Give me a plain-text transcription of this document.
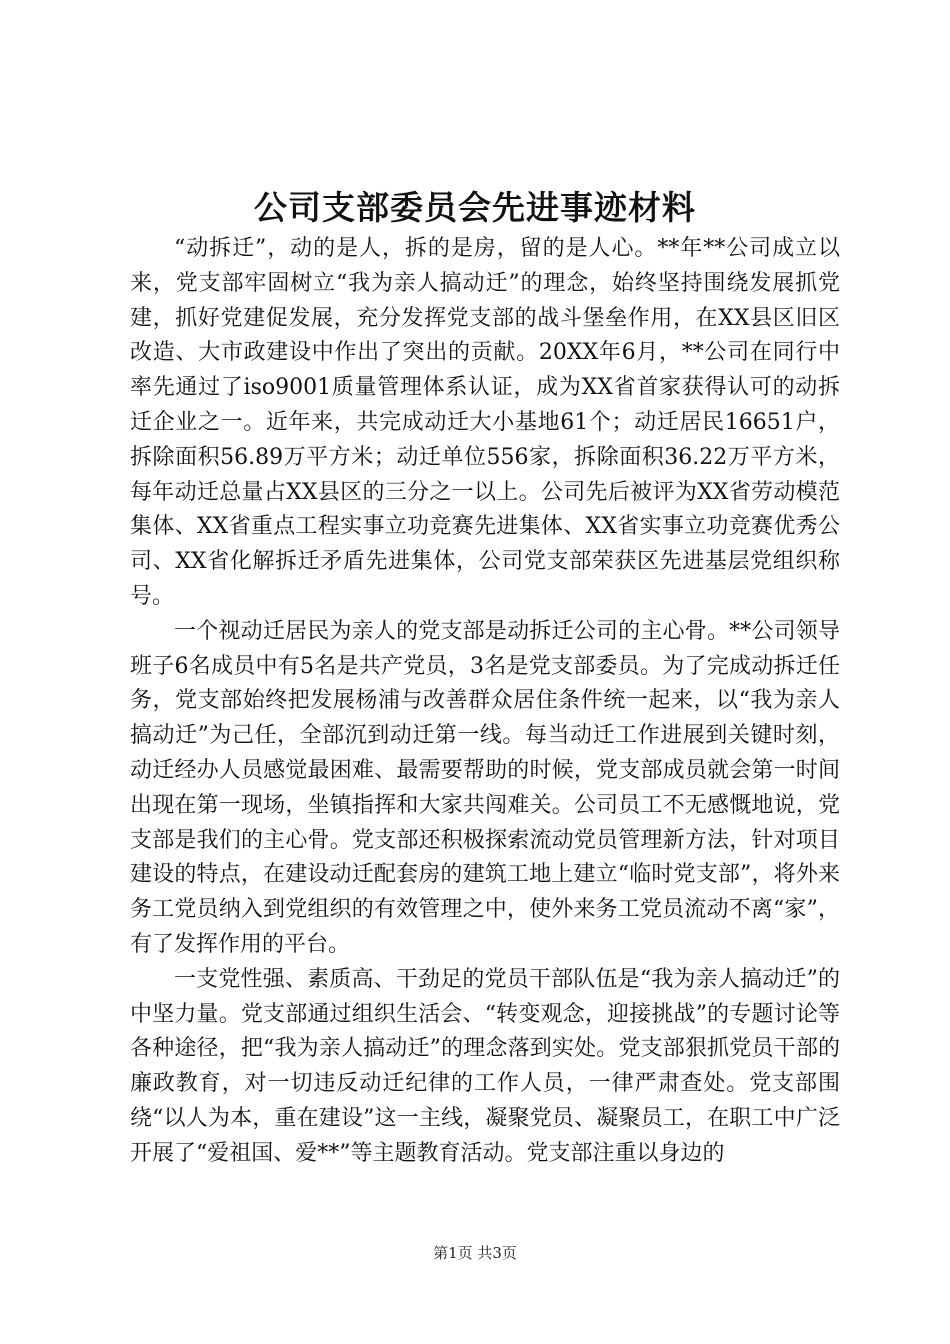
公司支部委员会先进事迹材料

“动拆迁”，动的是人，拆的是房，留的是人心。**年**公司成立以来，党支部牢固树立“我为亲人搞动迁”的理念，始终坚持围绕发展抓党建，抓好党建促发展，充分发挥党支部的战斗堡垒作用，在XX县区旧区改造、大市政建设中作出了突出的贡献。20XX年6月，**公司在同行中率先通过了iso9001质量管理体系认证，成为XX省首家获得认可的动拆迁企业之一。近年来，共完成动迁大小基地61个；动迁居民16651户，拆除面积56.89万平方米；动迁单位556家，拆除面积36.22万平方米，每年动迁总量占XX县区的三分之一以上。公司先后被评为XX省劳动模范集体、XX省重点工程实事立功竞赛先进集体、XX省实事立功竞赛优秀公司、XX省化解拆迁矛盾先进集体，公司党支部荣获区先进基层党组织称号。

一个视动迁居民为亲人的党支部是动拆迁公司的主心骨。**公司领导班子6名成员中有5名是共产党员，3名是党支部委员。为了完成动拆迁任务，党支部始终把发展杨浦与改善群众居住条件统一起来，以“我为亲人搞动迁”为己任，全部沉到动迁第一线。每当动迁工作进展到关键时刻，动迁经办人员感觉最困难、最需要帮助的时候，党支部成员就会第一时间出现在第一现场，坐镇指挥和大家共闯难关。公司员工不无感慨地说，党支部是我们的主心骨。党支部还积极探索流动党员管理新方法，针对项目建设的特点，在建设动迁配套房的建筑工地上建立“临时党支部”，将外来务工党员纳入到党组织的有效管理之中，使外来务工党员流动不离“家”，有了发挥作用的平台。

一支党性强、素质高、干劲足的党员干部队伍是“我为亲人搞动迁”的中坚力量。党支部通过组织生活会、“转变观念，迎接挑战”的专题讨论等各种途径，把“我为亲人搞动迁”的理念落到实处。党支部狠抓党员干部的廉政教育，对一切违反动迁纪律的工作人员，一律严肃查处。党支部围绕“以人为本，重在建设”这一主线，凝聚党员、凝聚员工，在职工中广泛开展了“爱祖国、爱**”等主题教育活动。党支部注重以身边的

第1页 共3页
